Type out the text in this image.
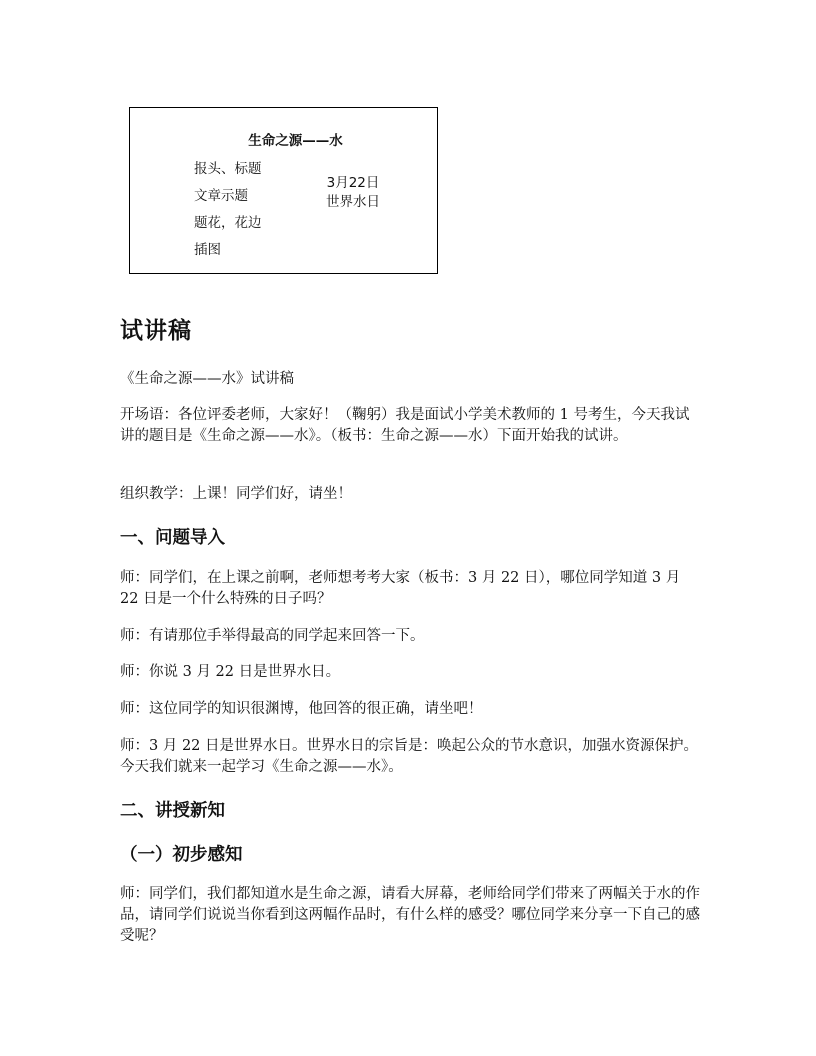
生命之源——水
报头、标题
文章示题
题花，花边
插图
3月22日
世界水日
试讲稿

《生命之源——水》试讲稿

开场语：各位评委老师，大家好！（鞠躬）我是面试小学美术教师的 1 号考生，今天我试讲的题目是《生命之源——水》。（板书：生命之源——水）下面开始我的试讲。

组织教学：上课！同学们好，请坐！

一、问题导入

师：同学们，在上课之前啊，老师想考考大家（板书：3 月 22 日），哪位同学知道 3 月 22 日是一个什么特殊的日子吗？

师：有请那位手举得最高的同学起来回答一下。

师：你说 3 月 22 日是世界水日。

师：这位同学的知识很渊博，他回答的很正确，请坐吧！

师：3 月 22 日是世界水日。世界水日的宗旨是：唤起公众的节水意识，加强水资源保护。今天我们就来一起学习《生命之源——水》。

二、讲授新知
（一）初步感知

师：同学们，我们都知道水是生命之源，请看大屏幕，老师给同学们带来了两幅关于水的作品，请同学们说说当你看到这两幅作品时，有什么样的感受？哪位同学来分享一下自己的感受呢？
